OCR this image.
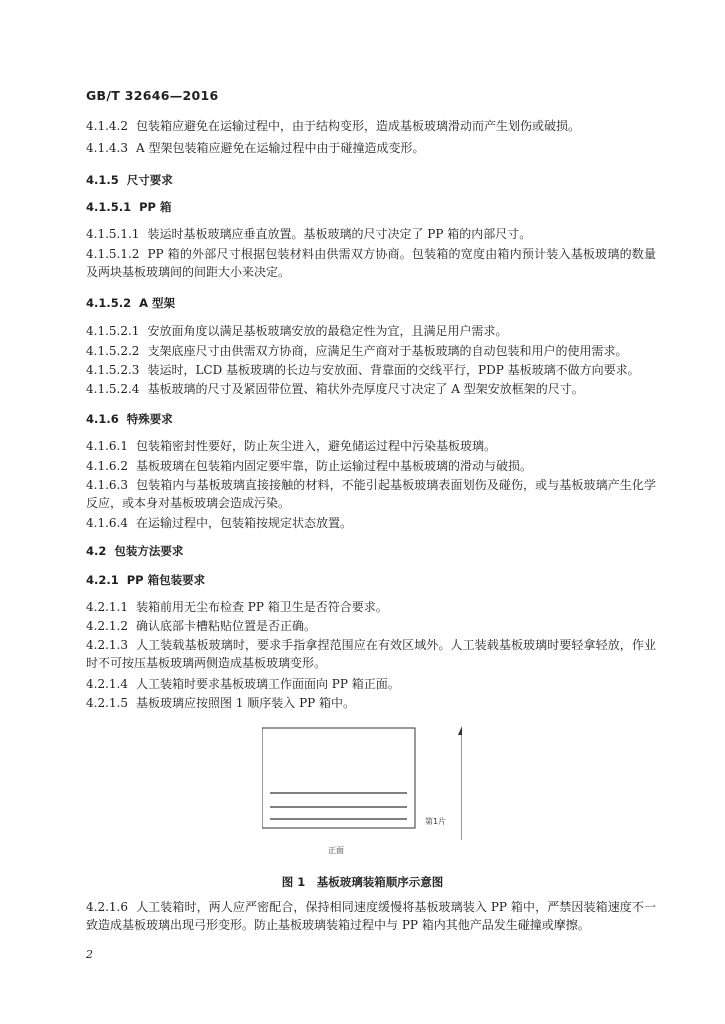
GB/T 32646—2016
4.1.4.2 包装箱应避免在运输过程中，由于结构变形，造成基板玻璃滑动而产生划伤或破损。
4.1.4.3 A 型架包装箱应避免在运输过程中由于碰撞造成变形。
4.1.5 尺寸要求
4.1.5.1 PP 箱
4.1.5.1.1 装运时基板玻璃应垂直放置。基板玻璃的尺寸决定了 PP 箱的内部尺寸。
4.1.5.1.2 PP 箱的外部尺寸根据包装材料由供需双方协商。包装箱的宽度由箱内预计装入基板玻璃的数量及两块基板玻璃间的间距大小来决定。
4.1.5.2 A 型架
4.1.5.2.1 安放面角度以满足基板玻璃安放的最稳定性为宜，且满足用户需求。
4.1.5.2.2 支架底座尺寸由供需双方协商，应满足生产商对于基板玻璃的自动包装和用户的使用需求。
4.1.5.2.3 装运时，LCD 基板玻璃的长边与安放面、背靠面的交线平行，PDP 基板玻璃不做方向要求。
4.1.5.2.4 基板玻璃的尺寸及紧固带位置、箱状外壳厚度尺寸决定了 A 型架安放框架的尺寸。
4.1.6 特殊要求
4.1.6.1 包装箱密封性要好，防止灰尘进入，避免储运过程中污染基板玻璃。
4.1.6.2 基板玻璃在包装箱内固定要牢靠，防止运输过程中基板玻璃的滑动与破损。
4.1.6.3 包装箱内与基板玻璃直接接触的材料，不能引起基板玻璃表面划伤及碰伤，或与基板玻璃产生化学反应，或本身对基板玻璃会造成污染。
4.1.6.4 在运输过程中，包装箱按规定状态放置。
4.2 包装方法要求
4.2.1 PP 箱包装要求
4.2.1.1 装箱前用无尘布检查 PP 箱卫生是否符合要求。
4.2.1.2 确认底部卡槽粘贴位置是否正确。
4.2.1.3 人工装载基板玻璃时，要求手指拿捏范围应在有效区域外。人工装载基板玻璃时要轻拿轻放，作业时不可按压基板玻璃两侧造成基板玻璃变形。
4.2.1.4 人工装箱时要求基板玻璃工作面面向 PP 箱正面。
4.2.1.5 基板玻璃应按照图 1 顺序装入 PP 箱中。
第1片
正面
图 1　基板玻璃装箱顺序示意图
4.2.1.6 人工装箱时，两人应严密配合，保持相同速度缓慢将基板玻璃装入 PP 箱中，严禁因装箱速度不一致造成基板玻璃出现弓形变形。防止基板玻璃装箱过程中与 PP 箱内其他产品发生碰撞或摩擦。
2
